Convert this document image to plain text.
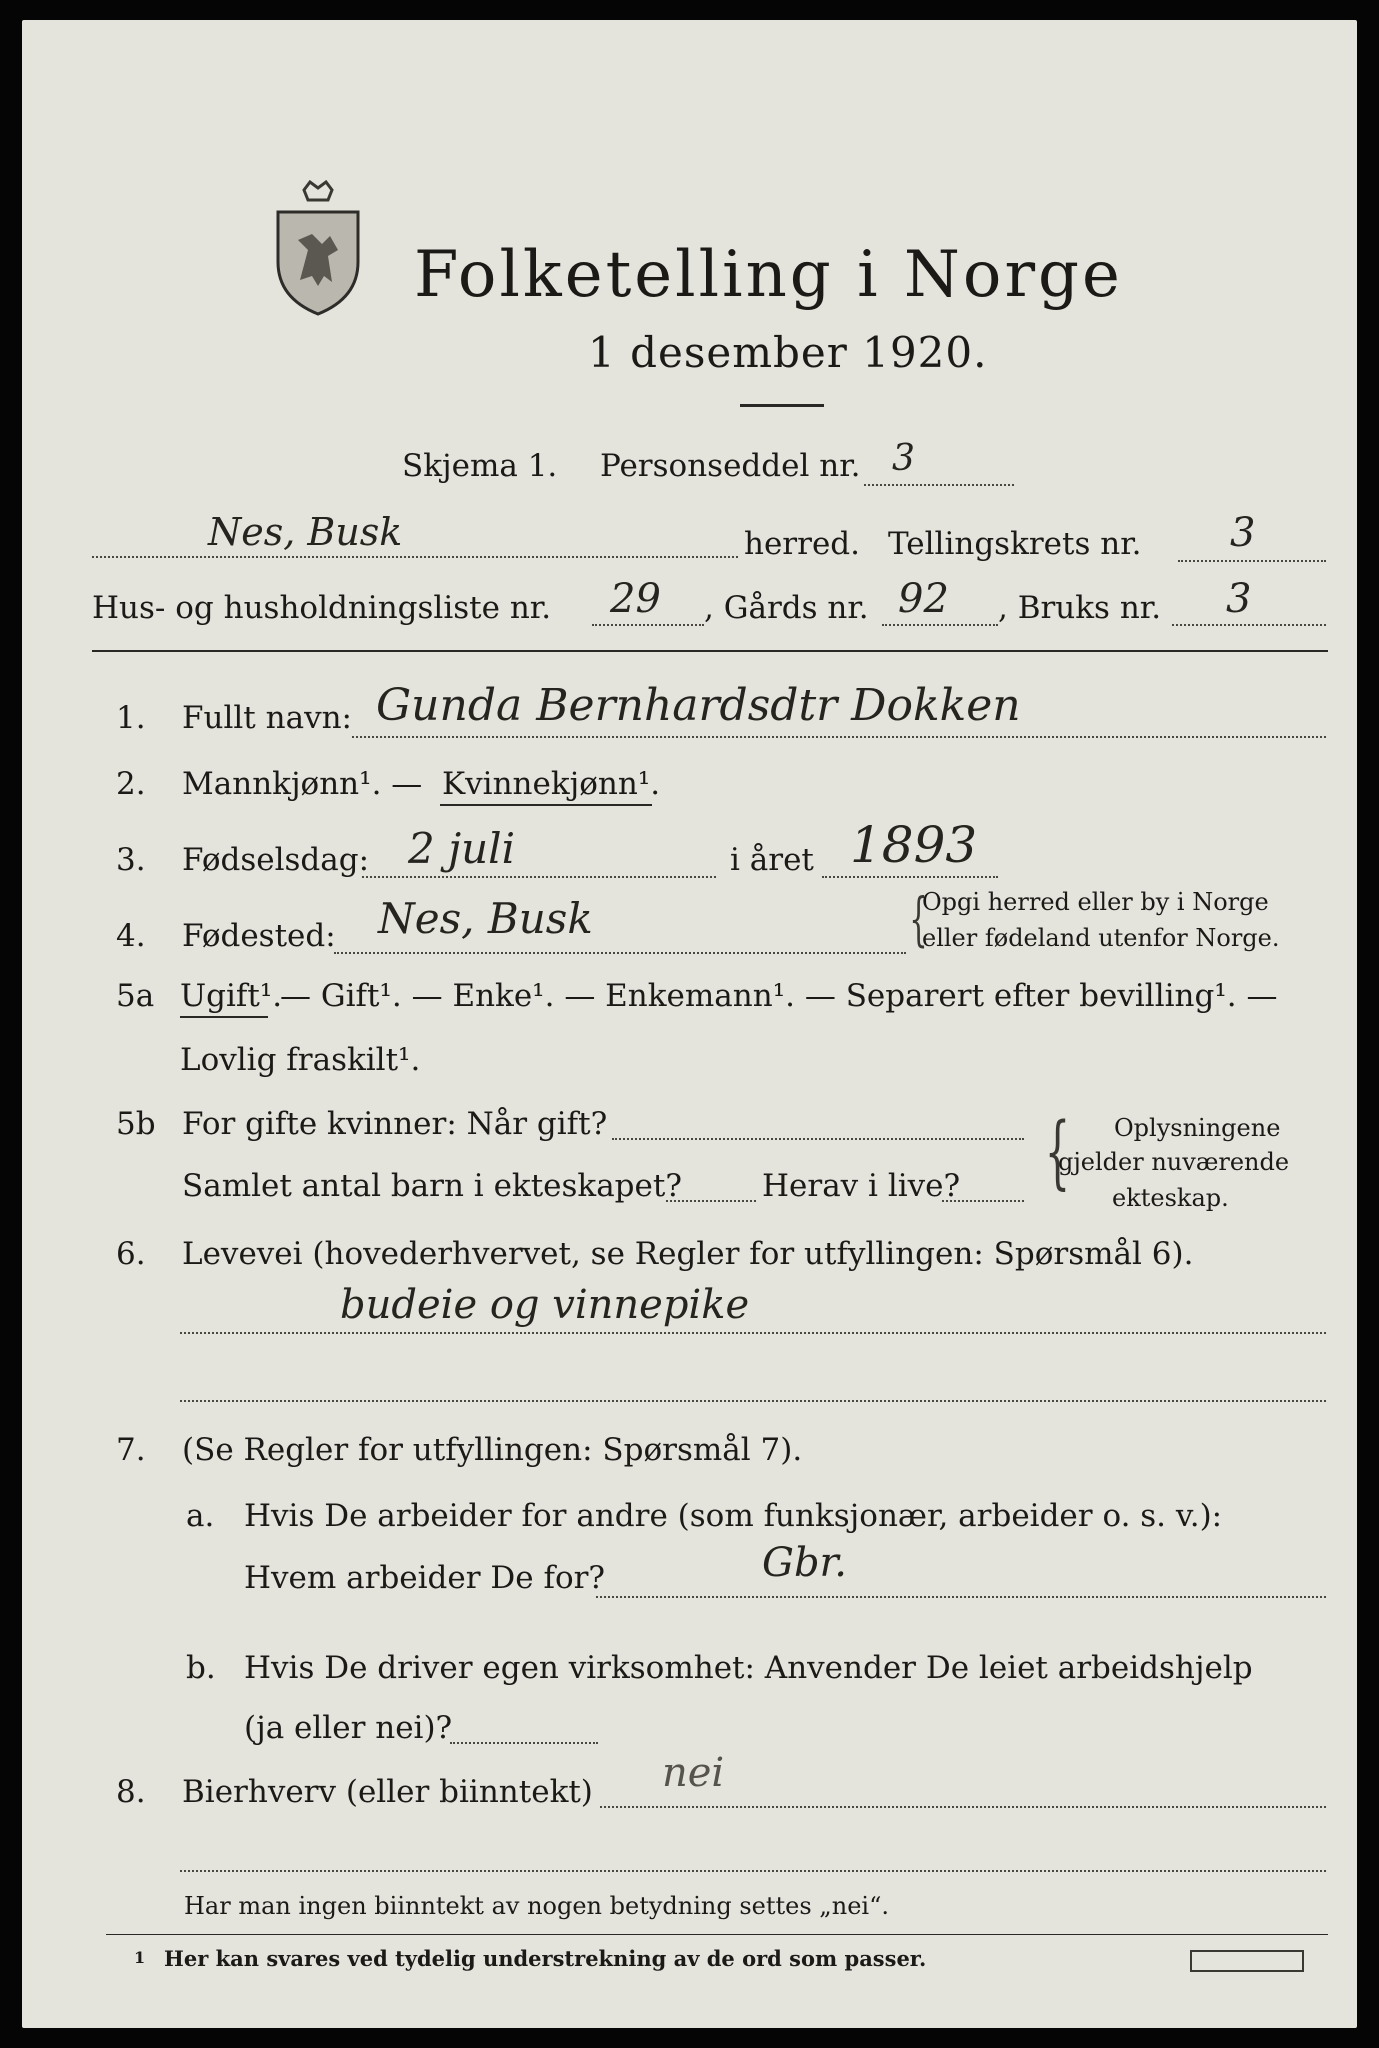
Folketelling i Norge
1 desember 1920.
Skjema 1. Personseddel nr. 3
Nes, Busk	herred. Tellingskrets nr. 3
Hus- og husholdningsliste nr. 29 , Gårds nr. 92 , Bruks nr. 3
1. Fullt navn: Gunda Bernhardsdtr Dokken
2. Mannkjønn¹. — Kvinnekjønn¹.
3. Fødselsdag: 2 juli	i året 1893
4. Fødested: Nes, Busk	{
Opgi herred eller by i Norge
eller fødeland utenfor Norge.
5a Ugift¹.
— Gift¹. — Enke¹. — Enkemann¹. — Separert efter bevilling¹. —
Lovlig fraskilt¹.
5b For gifte kvinner: Når gift?
Samlet antal barn i ekteskapet?	Herav i live? { Oplysningene
gjelder nuværende
ekteskap.
6. Levevei (hovederhvervet, se Regler for utfyllingen: Spørsmål 6).
budeie og vinnepike
7. (Se Regler for utfyllingen: Spørsmål 7).
a. Hvis De arbeider for andre (som funksjonær, arbeider o. s. v.):
Hvem arbeider De for?	Gbr.
b. Hvis De driver egen virksomhet: Anvender De leiet arbeidshjelp
(ja eller nei)?
8. Bierhverv (eller biinntekt) nei
Har man ingen biinntekt av nogen betydning settes „nei“.
1 Her kan svares ved tydelig understrekning av de ord som passer.
